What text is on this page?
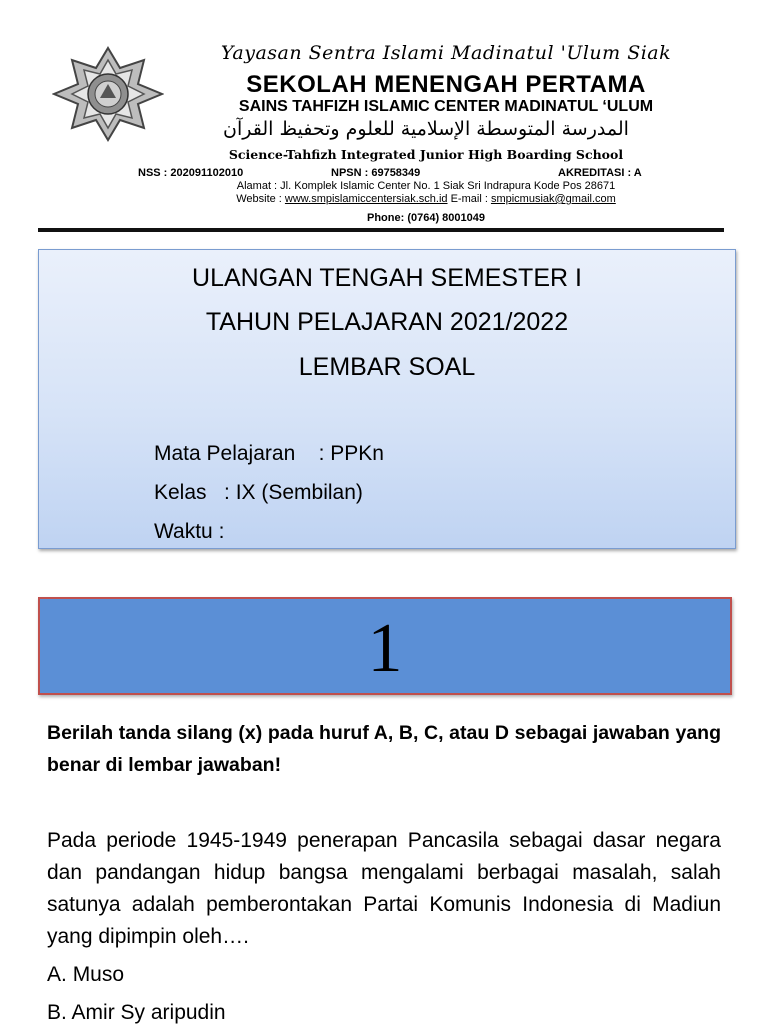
Yayasan Sentra Islami Madinatul 'Ulum Siak
SEKOLAH MENENGAH PERTAMA
SAINS TAHFIZH ISLAMIC CENTER MADINATUL ‘ULUM
المدرسة المتوسطة الإسلامية للعلوم وتحفيظ القرآن
Science-Tahfizh Integrated Junior High Boarding School
NSS : 202091102010	NPSN : 69758349	AKREDITASI : A
Alamat : Jl. Komplek Islamic Center No. 1 Siak Sri Indrapura Kode Pos 28671
Website : www.smpislamiccentersiak.sch.id E-mail : smpicmusiak@gmail.com
Phone: (0764) 8001049
ULANGAN TENGAH SEMESTER I
TAHUN PELAJARAN 2021/2022
LEMBAR SOAL
Mata Pelajaran    : PPKn
Kelas   : IX (Sembilan)
Waktu :
1
Berilah tanda silang (x) pada huruf A, B, C, atau D sebagai jawaban yang benar di lembar jawaban!
Pada periode 1945-1949 penerapan Pancasila sebagai dasar negara dan pandangan hidup bangsa mengalami berbagai masalah, salah satunya adalah pemberontakan Partai Komunis Indonesia di Madiun yang dipimpin oleh….
A. Muso
B. Amir Sy aripudin
